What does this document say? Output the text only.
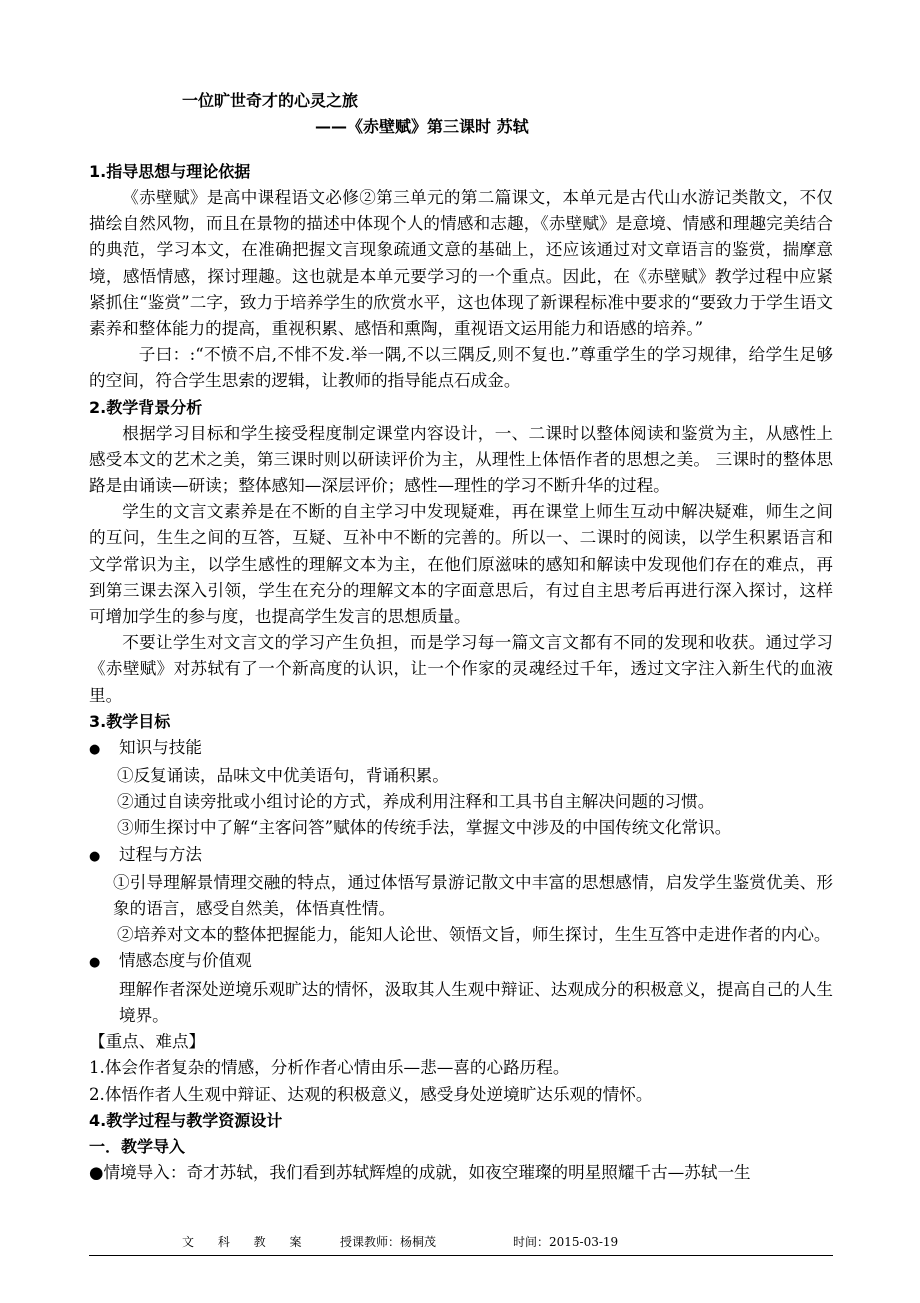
一位旷世奇才的心灵之旅
——《赤壁赋》第三课时 苏轼
1.指导思想与理论依据
《赤壁赋》是高中课程语文必修②第三单元的第二篇课文，本单元是古代山水游记类散文，不仅描绘自然风物，而且在景物的描述中体现个人的情感和志趣，《赤壁赋》是意境、情感和理趣完美结合的典范，学习本文，在准确把握文言现象疏通文意的基础上，还应该通过对文章语言的鉴赏，揣摩意境，感悟情感，探讨理趣。这也就是本单元要学习的一个重点。因此，在《赤壁赋》教学过程中应紧紧抓住“鉴赏”二字，致力于培养学生的欣赏水平，这也体现了新课程标准中要求的“要致力于学生语文素养和整体能力的提高，重视积累、感悟和熏陶，重视语文运用能力和语感的培养。”
子曰：:“不愤不启,不悱不发.举一隅,不以三隅反,则不复也.”尊重学生的学习规律，给学生足够的空间，符合学生思索的逻辑，让教师的指导能点石成金。
2.教学背景分析
根据学习目标和学生接受程度制定课堂内容设计，一、二课时以整体阅读和鉴赏为主，从感性上感受本文的艺术之美，第三课时则以研读评价为主，从理性上体悟作者的思想之美。 三课时的整体思路是由诵读—研读；整体感知—深层评价；感性—理性的学习不断升华的过程。
学生的文言文素养是在不断的自主学习中发现疑难，再在课堂上师生互动中解决疑难，师生之间的互问，生生之间的互答，互疑、互补中不断的完善的。所以一、二课时的阅读，以学生积累语言和文学常识为主，以学生感性的理解文本为主，在他们原滋味的感知和解读中发现他们存在的难点，再到第三课去深入引领，学生在充分的理解文本的字面意思后，有过自主思考后再进行深入探讨，这样可增加学生的参与度，也提高学生发言的思想质量。
不要让学生对文言文的学习产生负担，而是学习每一篇文言文都有不同的发现和收获。通过学习《赤壁赋》对苏轼有了一个新高度的认识，让一个作家的灵魂经过千年，透过文字注入新生代的血液里。
3.教学目标
●	知识与技能
①反复诵读，品味文中优美语句，背诵积累。
②通过自读旁批或小组讨论的方式，养成利用注释和工具书自主解决问题的习惯。
③师生探讨中了解“主客问答”赋体的传统手法，掌握文中涉及的中国传统文化常识。
●	过程与方法
①引导理解景情理交融的特点，通过体悟写景游记散文中丰富的思想感情，启发学生鉴赏优美、形象的语言，感受自然美，体悟真性情。
②培养对文本的整体把握能力，能知人论世、领悟文旨，师生探讨，生生互答中走进作者的内心。
●	情感态度与价值观
理解作者深处逆境乐观旷达的情怀，汲取其人生观中辩证、达观成分的积极意义，提高自己的人生境界。
【重点、难点】
1.体会作者复杂的情感，分析作者心情由乐—悲—喜的心路历程。
2.体悟作者人生观中辩证、达观的积极意义，感受身处逆境旷达乐观的情怀。
4.教学过程与教学资源设计
一．教学导入
●情境导入：奇才苏轼，我们看到苏轼辉煌的成就，如夜空璀璨的明星照耀千古—苏轼一生
文 科 教 案 授课教师：杨桐茂	时间：2015-03-19
